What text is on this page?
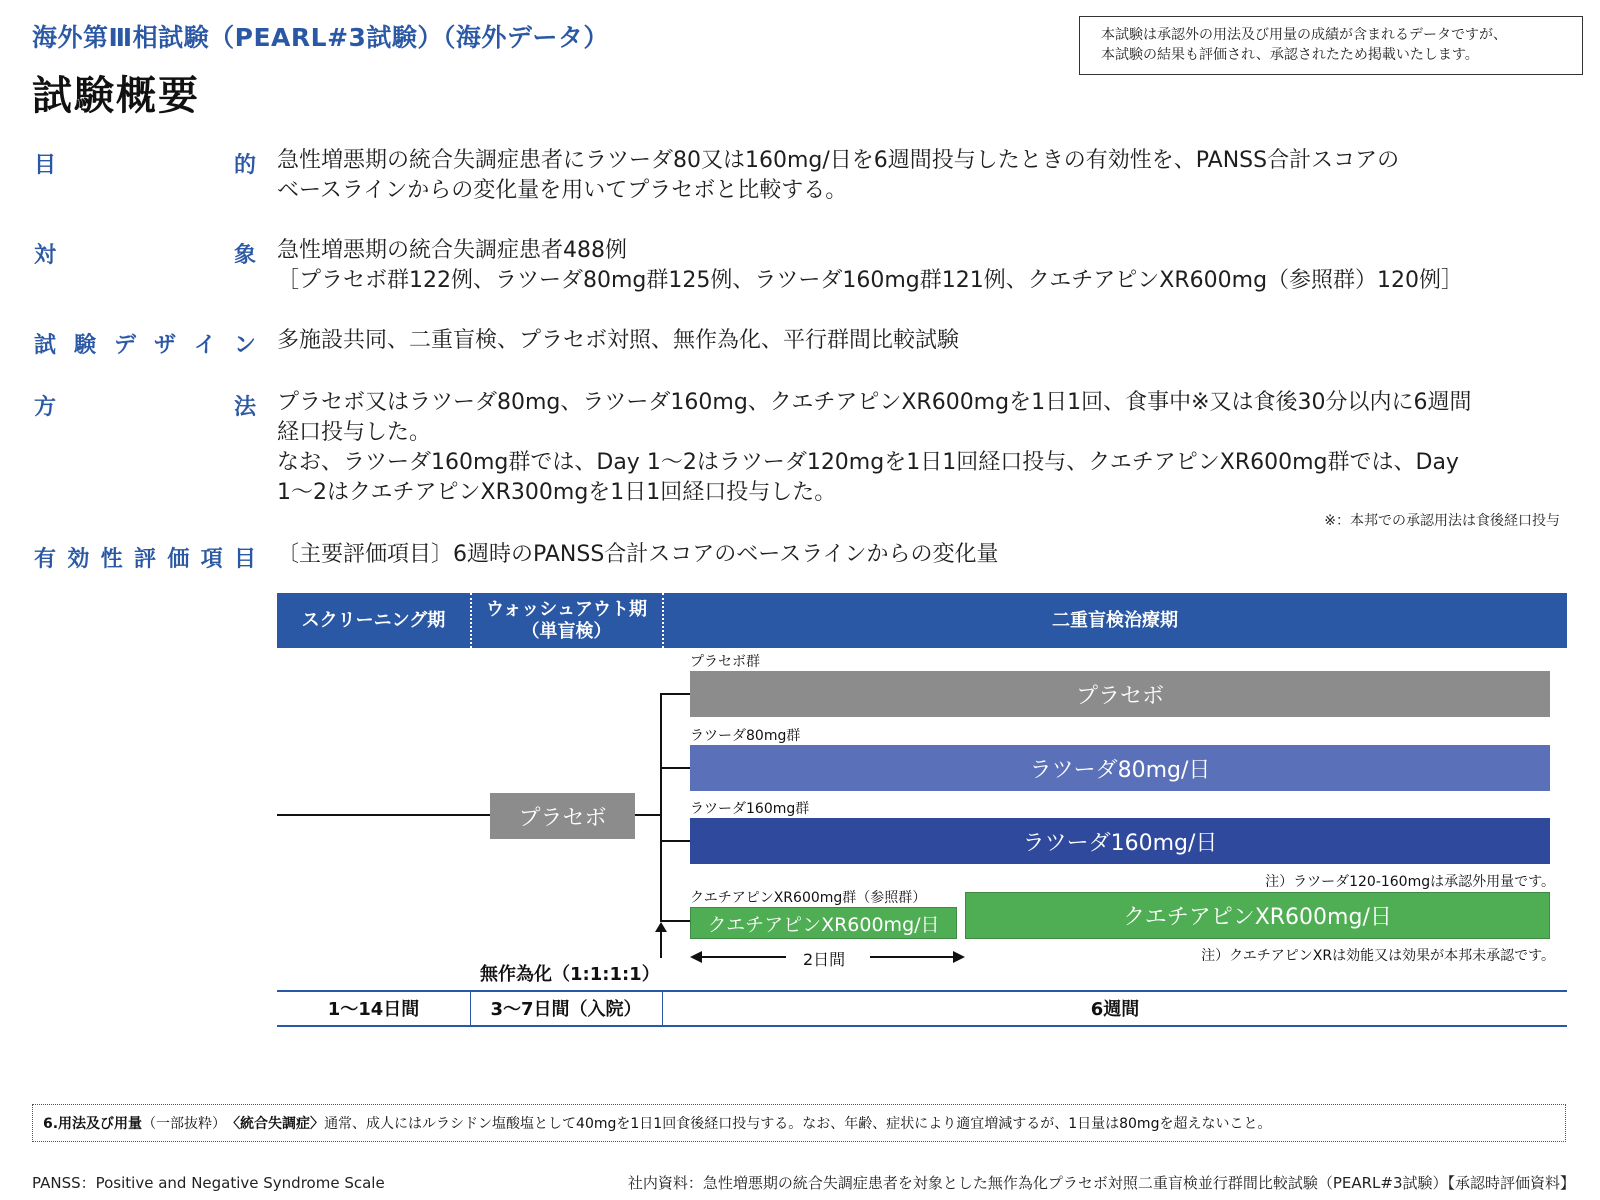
海外第Ⅲ相試験（PEARL#3試験）（海外データ）
試験概要
本試験は承認外の用法及び用量の成績が含まれるデータですが、
本試験の結果も評価され、承認されたため掲載いたします。
目	的 急性増悪期の統合失調症患者にラツーダ80又は160mg/日を6週間投与したときの有効性を、PANSS合計スコアの
ベースラインからの変化量を用いてプラセボと比較する。
対	象 急性増悪期の統合失調症患者488例
［プラセボ群122例、ラツーダ80mg群125例、ラツーダ160mg群121例、クエチアピンXR600mg（参照群）120例］
試 験 デ ザ イ ン 多施設共同、二重盲検、プラセボ対照、無作為化、平行群間比較試験
方	法 プラセボ又はラツーダ80mg、ラツーダ160mg、クエチアピンXR600mgを1日1回、食事中※又は食後30分以内に6週間
経口投与した。
なお、ラツーダ160mg群では、Day 1～2はラツーダ120mgを1日1回経口投与、クエチアピンXR600mg群では、Day
1～2はクエチアピンXR300mgを1日1回経口投与した。
※：本邦での承認用法は食後経口投与
有 効 性 評 価 項 目 〔主要評価項目〕6週時のPANSS合計スコアのベースラインからの変化量
スクリーニング期
ウォッシュアウト期
（単盲検）
二重盲検治療期
プラセボ
プラセボ群
プラセボ
ラツーダ80mg群
ラツーダ80mg/日
ラツーダ160mg群
ラツーダ160mg/日
注）ラツーダ120-160mgは承認外用量です。
クエチアピンXR600mg群（参照群）
クエチアピンXR600mg/日	クエチアピンXR600mg/日
2日間	注）クエチアピンXRは効能又は効果が本邦未承認です。
無作為化（1:1:1:1）
1～14日間	3～7日間（入院）	6週間
6.用法及び用量 （一部抜粋） 〈統合失調症〉 通常、成人にはルラシドン塩酸塩として40mgを1日1回食後経口投与する。なお、年齢、症状により適宜増減するが、1日量は80mgを超えないこと。
PANSS：Positive and Negative Syndrome Scale	社内資料：急性増悪期の統合失調症患者を対象とした無作為化プラセボ対照二重盲検並行群間比較試験（PEARL#3試験）【承認時評価資料】
